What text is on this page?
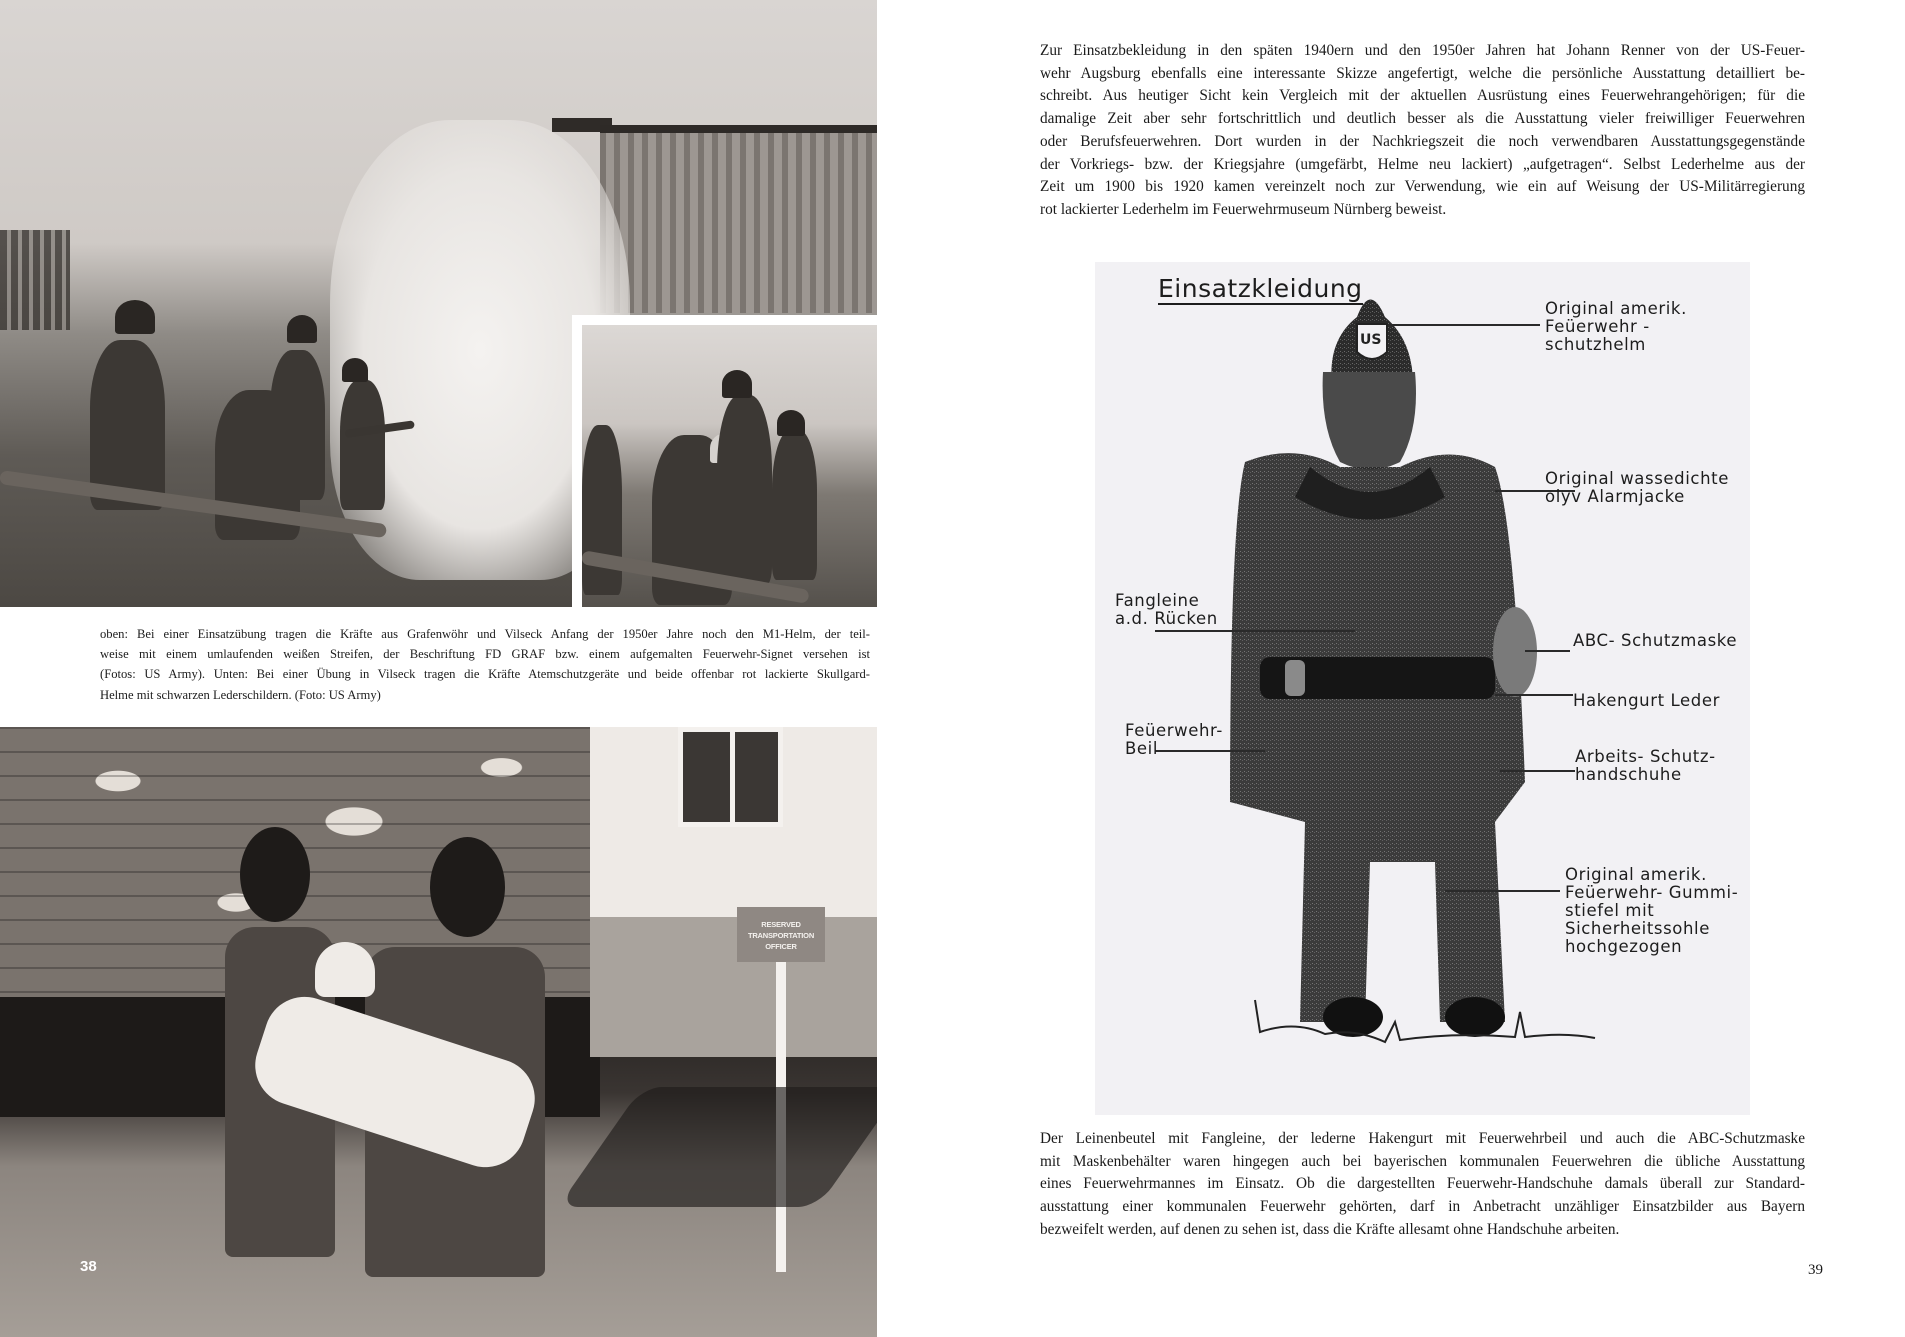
oben: Bei einer Einsatzübung tragen die Kräfte aus Grafenwöhr und Vilseck Anfang der 1950er Jahre noch den M1-Helm, der teil-
weise mit einem umlaufenden weißen Streifen, der Beschriftung FD GRAF bzw. einem aufgemalten Feuerwehr-Signet versehen ist
(Fotos: US Army). Unten: Bei einer Übung in Vilseck tragen die Kräfte Atemschutzgeräte und beide offenbar rot lackierte Skullgard-
Helme mit schwarzen Lederschildern. (Foto: US Army)
RESERVED
TRANSPORTATION OFFICER
38
Zur Einsatzbekleidung in den späten 1940ern und den 1950er Jahren hat Johann Renner von der US-Feuer-
wehr Augsburg ebenfalls eine interessante Skizze angefertigt, welche die persönliche Ausstattung detailliert be-
schreibt. Aus heutiger Sicht kein Vergleich mit der aktuellen Ausrüstung eines Feuerwehrangehörigen; für die
damalige Zeit aber sehr fortschrittlich und deutlich besser als die Ausstattung vieler freiwilliger Feuerwehren
oder Berufsfeuerwehren. Dort wurden in der Nachkriegszeit die noch verwendbaren Ausstattungsgegenstände
der Vorkriegs- bzw. der Kriegsjahre (umgefärbt, Helme neu lackiert) „aufgetragen“. Selbst Lederhelme aus der
Zeit um 1900 bis 1920 kamen vereinzelt noch zur Verwendung, wie ein auf Weisung der US-Militärregierung
rot lackierter Lederhelm im Feuerwehrmuseum Nürnberg beweist.
US
Einsatzkleidung
Original amerik.
Feüerwehr -
schutzhelm
Original wassedichte
olyv Alarmjacke
ABC- Schutzmaske
Hakengurt Leder
Arbeits- Schutz-
handschuhe
Original amerik.
Feüerwehr- Gummi-
stiefel mit
Sicherheitssohle
hochgezogen
Fangleine
a.d. Rücken
Feüerwehr-
Beil
Der Leinenbeutel mit Fangleine, der lederne Hakengurt mit Feuerwehrbeil und auch die ABC-Schutzmaske
mit Maskenbehälter waren hingegen auch bei bayerischen kommunalen Feuerwehren die übliche Ausstattung
eines Feuerwehrmannes im Einsatz. Ob die dargestellten Feuerwehr-Handschuhe damals überall zur Standard-
ausstattung einer kommunalen Feuerwehr gehörten, darf in Anbetracht unzähliger Einsatzbilder aus Bayern
bezweifelt werden, auf denen zu sehen ist, dass die Kräfte allesamt ohne Handschuhe arbeiten.
39
